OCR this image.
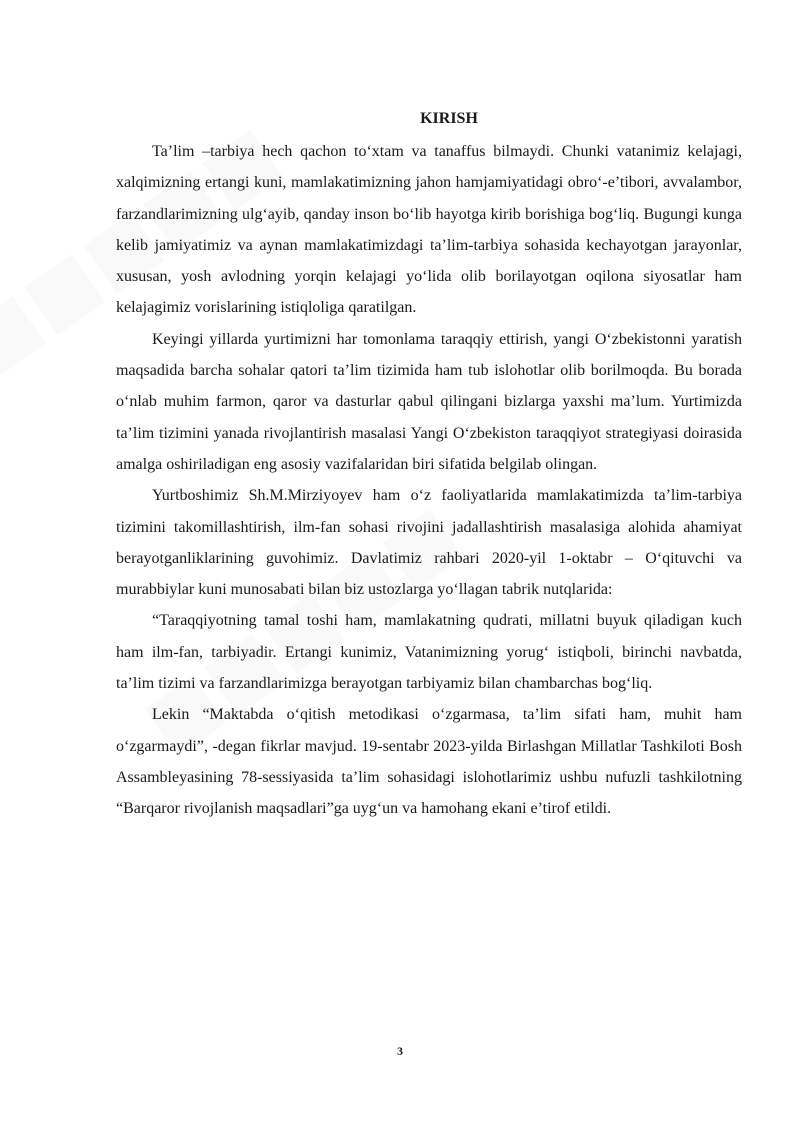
KIRISH

Ta’lim –tarbiya hech qachon to‘xtam va tanaffus bilmaydi. Chunki vatanimiz kelajagi, xalqimizning ertangi kuni, mamlakatimizning jahon hamjamiyatidagi obro‘-e’tibori, avvalambor, farzandlarimizning ulg‘ayib, qanday inson bo‘lib hayotga kirib borishiga bog‘liq. Bugungi kunga kelib jamiyatimiz va aynan mamlakatimizdagi ta’lim-tarbiya sohasida kechayotgan jarayonlar, xususan, yosh avlodning yorqin kelajagi yo‘lida olib borilayotgan oqilona siyosatlar ham kelajagimiz vorislarining istiqloliga qaratilgan.

Keyingi yillarda yurtimizni har tomonlama taraqqiy ettirish, yangi O‘zbekistonni yaratish maqsadida barcha sohalar qatori ta’lim tizimida ham tub islohotlar olib borilmoqda. Bu borada o‘nlab muhim farmon, qaror va dasturlar qabul qilingani bizlarga yaxshi ma’lum. Yurtimizda ta’lim tizimini yanada rivojlantirish masalasi Yangi O‘zbekiston taraqqiyot strategiyasi doirasida amalga oshiriladigan eng asosiy vazifalaridan biri sifatida belgilab olingan.

Yurtboshimiz Sh.M.Mirziyoyev ham o‘z faoliyatlarida mamlakatimizda ta’lim-tarbiya tizimini takomillashtirish, ilm-fan sohasi rivojini jadallashtirish masalasiga alohida ahamiyat berayotganliklarining guvohimiz. Davlatimiz rahbari 2020-yil 1-oktabr – O‘qituvchi va murabbiylar kuni munosabati bilan biz ustozlarga yo‘llagan tabrik nutqlarida:

“Taraqqiyotning tamal toshi ham, mamlakatning qudrati, millatni buyuk qiladigan kuch ham ilm-fan, tarbiyadir. Ertangi kunimiz, Vatanimizning yorug‘ istiqboli, birinchi navbatda, ta’lim tizimi va farzandlarimizga berayotgan tarbiyamiz bilan chambarchas bog‘liq.

Lekin “Maktabda o‘qitish metodikasi o‘zgarmasa, ta’lim sifati ham, muhit ham o‘zgarmaydi”, -degan fikrlar mavjud. 19-sentabr 2023-yilda Birlashgan Millatlar Tashkiloti Bosh Assambleyasining 78-sessiyasida ta’lim sohasidagi islohotlarimiz ushbu nufuzli tashkilotning “Barqaror rivojlanish maqsadlari”ga uyg‘un va hamohang ekani e’tirof etildi.

3
